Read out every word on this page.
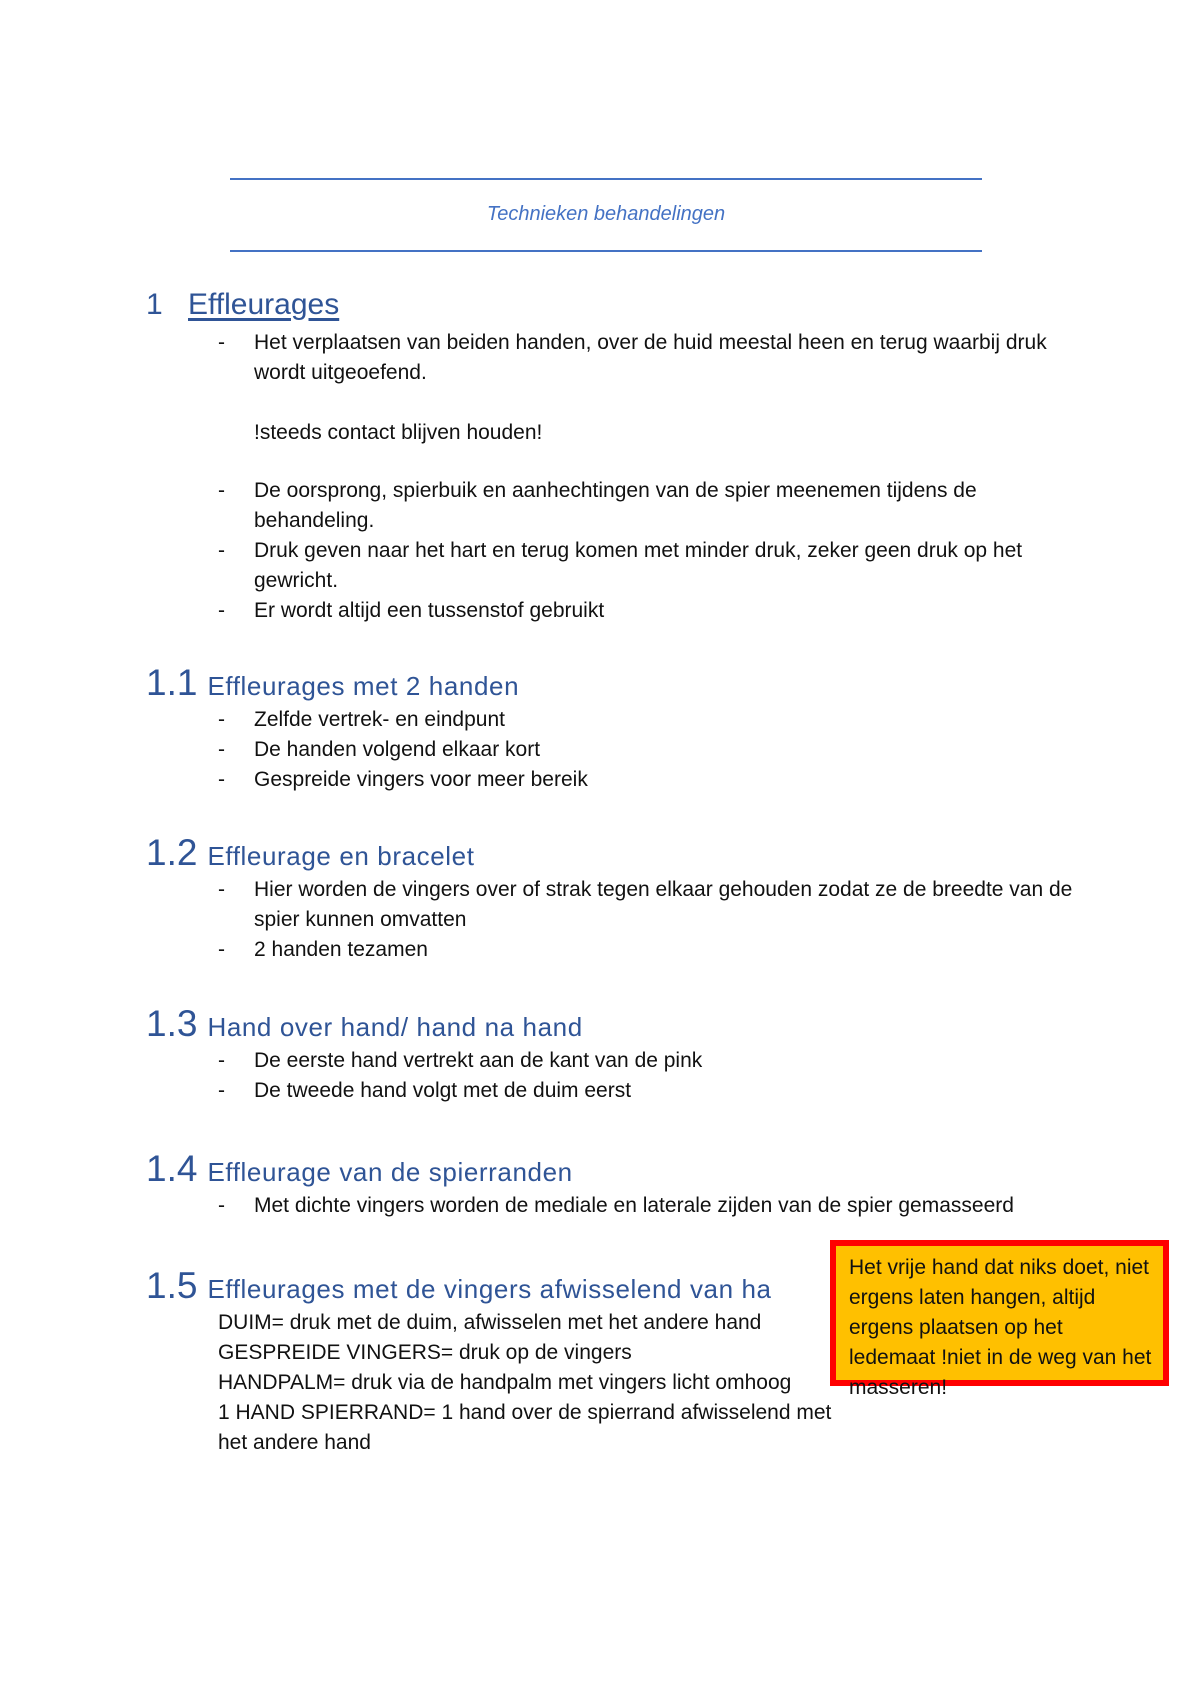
Technieken behandelingen
1 Effleurages
- Het verplaatsen van beiden handen, over de huid meestal heen en terug waarbij druk wordt uitgeoefend.
!steeds contact blijven houden!
- De oorsprong, spierbuik en aanhechtingen van de spier meenemen tijdens de behandeling.
- Druk geven naar het hart en terug komen met minder druk, zeker geen druk op het gewricht.
- Er wordt altijd een tussenstof gebruikt
1.1 Effleurages met 2 handen
- Zelfde vertrek- en eindpunt
- De handen volgend elkaar kort
- Gespreide vingers voor meer bereik
1.2 Effleurage en bracelet
- Hier worden de vingers over of strak tegen elkaar gehouden zodat ze de breedte van de spier kunnen omvatten
- 2 handen tezamen
1.3 Hand over hand/ hand na hand
- De eerste hand vertrekt aan de kant van de pink
- De tweede hand volgt met de duim eerst
1.4 Effleurage van de spierranden
- Met dichte vingers worden de mediale en laterale zijden van de spier gemasseerd
1.5 Effleurages met de vingers afwisselend van ha
DUIM= druk met de duim, afwisselen met het andere hand
GESPREIDE VINGERS= druk op de vingers
HANDPALM= druk via de handpalm met vingers licht omhoog
1 HAND SPIERRAND= 1 hand over de spierrand afwisselend met het andere hand
Het vrije hand dat niks doet, niet ergens laten hangen, altijd ergens plaatsen op het ledemaat !niet in de weg van het masseren!
